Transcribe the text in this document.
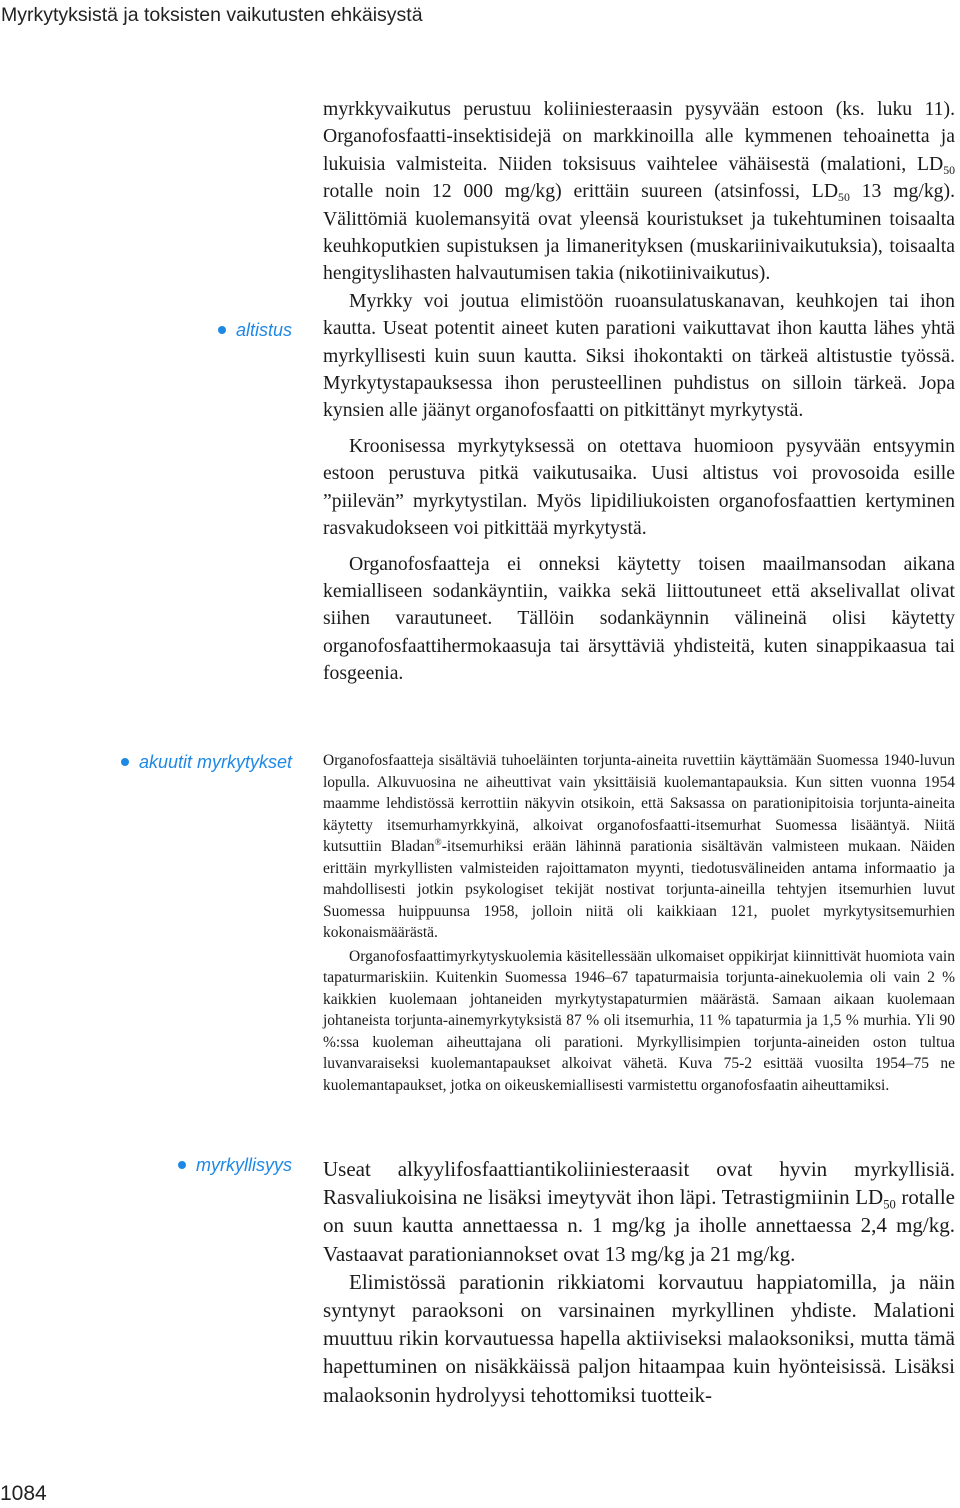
Myrkytyksistä ja toksisten vaikutusten ehkäisystä
altistus
akuutit myrkytykset
myrkyllisyys

myrkkyvaikutus perustuu koliiniesteraasin pysyvään estoon (ks. luku 11). Organofosfaatti-insektisidejä on markkinoilla alle kymmenen tehoainetta ja lukuisia valmisteita. Niiden toksisuus vaihtelee vähäisestä (malationi, $LD_{50}$ rotalle noin 12 000 mg/kg) erittäin suureen (atsinfossi, $LD_{50}$ 13 mg/kg). Välittömiä kuolemansyitä ovat yleensä kouristukset ja tukehtuminen toisaalta keuhkoputkien supistuksen ja limanerityksen (muskariinivaikutuksia), toisaalta hengityslihasten halvautumisen takia (nikotiinivaikutus).

Myrkky voi joutua elimistöön ruoansulatuskanavan, keuhkojen tai ihon kautta. Useat potentit aineet kuten parationi vaikuttavat ihon kautta lähes yhtä myrkyllisesti kuin suun kautta. Siksi ihokontakti on tärkeä altistustie työssä. Myrkytystapauksessa ihon perusteellinen puhdistus on silloin tärkeä. Jopa kynsien alle jäänyt organofosfaatti on pitkittänyt myrkytystä.

Kroonisessa myrkytyksessä on otettava huomioon pysyvään entsyymin estoon perustuva pitkä vaikutusaika. Uusi altistus voi provosoida esille ”piilevän” myrkytystilan. Myös lipidiliukoisten organofosfaattien kertyminen rasvakudokseen voi pitkittää myrkytystä.

Organofosfaatteja ei onneksi käytetty toisen maailmansodan aikana kemialliseen sodankäyntiin, vaikka sekä liittoutuneet että akselivallat olivat siihen varautuneet. Tällöin sodankäynnin välineinä olisi käytetty organofosfaattihermokaasuja tai ärsyttäviä yhdisteitä, kuten sinappikaasua tai fosgeenia.

Organofosfaatteja sisältäviä tuhoeläinten torjunta-aineita ruvettiin käyttämään Suomessa 1940-luvun lopulla. Alkuvuosina ne aiheuttivat vain yksittäisiä kuolemantapauksia. Kun sitten vuonna 1954 maamme lehdistössä kerrottiin näkyvin otsikoin, että Saksassa on parationipitoisia torjunta-aineita käytetty itsemurhamyrkkyinä, alkoivat organofosfaatti-itsemurhat Suomessa lisääntyä. Niitä kutsuttiin Bladan®-itsemurhiksi erään lähinnä parationia sisältävän valmisteen mukaan. Näiden erittäin myrkyllisten valmisteiden rajoittamaton myynti, tiedotusvälineiden antama informaatio ja mahdollisesti jotkin psykologiset tekijät nostivat torjunta-aineilla tehtyjen itsemurhien luvut Suomessa huippuunsa 1958, jolloin niitä oli kaikkiaan 121, puolet myrkytysitsemurhien kokonaismäärästä.

Organofosfaattimyrkytyskuolemia käsitellessään ulkomaiset oppikirjat kiinnittivät huomiota vain tapaturmariskiin. Kuitenkin Suomessa 1946–67 tapaturmaisia torjunta-ainekuolemia oli vain 2 % kaikkien kuolemaan johtaneiden myrkytystapaturmien määrästä. Samaan aikaan kuolemaan johtaneista torjunta-ainemyrkytyksistä 87 % oli itsemurhia, 11 % tapaturmia ja 1,5 % murhia. Yli 90 %:ssa kuoleman aiheuttajana oli parationi. Myrkyllisimpien torjunta-aineiden oston tultua luvanvaraiseksi kuolemantapaukset alkoivat vähetä. Kuva 75-2 esittää vuosilta 1954–75 ne kuolemantapaukset, jotka on oikeuskemiallisesti varmistettu organofosfaatin aiheuttamiksi.

Useat alkyylifosfaattiantikoliiniesteraasit ovat hyvin myrkyllisiä. Rasvaliukoisina ne lisäksi imeytyvät ihon läpi. Tetrastigmiinin $LD_{50}$ rotalle on suun kautta annettaessa n. 1 mg/kg ja iholle annettaessa 2,4 mg/kg. Vastaavat parationiannokset ovat 13 mg/kg ja 21 mg/kg.

Elimistössä parationin rikkiatomi korvautuu happiatomilla, ja näin syntynyt paraoksoni on varsinainen myrkyllinen yhdiste. Malationi muuttuu rikin korvautuessa hapella aktiiviseksi malaoksoniksi, mutta tämä hapettuminen on nisäkkäissä paljon hitaampaa kuin hyönteisissä. Lisäksi malaoksonin hydrolyysi tehottomiksi tuotteik-

1084
